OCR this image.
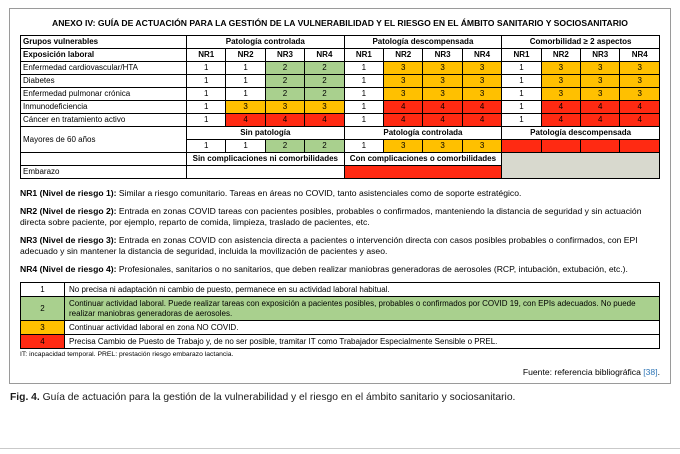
ANEXO IV: GUÍA DE ACTUACIÓN PARA LA GESTIÓN DE LA VULNERABILIDAD Y EL RIESGO EN EL ÁMBITO SANITARIO Y SOCIOSANITARIO
Grupos vulnerables	Patología controlada				Patología descompensada				Comorbilidad ≥ 2 aspectos			
Exposición laboral	NR1	NR2	NR3	NR4	NR1	NR2	NR3	NR4	NR1	NR2	NR3	NR4
Enfermedad cardiovascular/HTA	1	1	2	2	1	3	3	3	1	3	3	3
Diabetes	1	1	2	2	1	3	3	3	1	3	3	3
Enfermedad pulmonar crónica	1	1	2	2	1	3	3	3	1	3	3	3
Inmunodeficiencia	1	3	3	3	1	4	4	4	1	4	4	4
Cáncer en tratamiento activo	1	4	4	4	1	4	4	4	1	4	4	4
Mayores de 60 años	Sin patología				Patología controlada				Patología descompensada			
	1	1	2	2	1	3	3	3				
	Sin complicaciones ni comorbilidades				Con complicaciones o comorbilidades							
Embarazo												

NR1 (Nivel de riesgo 1): Similar a riesgo comunitario. Tareas en áreas no COVID, tanto asistenciales como de soporte estratégico.

NR2 (Nivel de riesgo 2): Entrada en zonas COVID tareas con pacientes posibles, probables o confirmados, manteniendo la distancia de seguridad y sin actuación directa sobre paciente, por ejemplo, reparto de comida, limpieza, traslado de pacientes, etc.

NR3 (Nivel de riesgo 3): Entrada en zonas COVID con asistencia directa a pacientes o intervención directa con casos posibles probables o confirmados, con EPI adecuado y sin mantener la distancia de seguridad, incluida la movilización de pacientes y aseo.

NR4 (Nivel de riesgo 4): Profesionales, sanitarios o no sanitarios, que deben realizar maniobras generadoras de aerosoles (RCP, intubación, extubación, etc.).

1	No precisa ni adaptación ni cambio de puesto, permanece en su actividad laboral habitual.
2	Continuar actividad laboral. Puede realizar tareas con exposición a pacientes posibles, probables o confirmados por COVID 19, con EPIs adecuados. No puede realizar maniobras generadoras de aerosoles.
3	Continuar actividad laboral en zona NO COVID.
4	Precisa Cambio de Puesto de Trabajo y, de no ser posible, tramitar IT como Trabajador Especialmente Sensible o PREL.
IT: incapacidad temporal. PREL: prestación riesgo embarazo lactancia.
Fuente: referencia bibliográfica [38].
Fig. 4. Guía de actuación para la gestión de la vulnerabilidad y el riesgo en el ámbito sanitario y sociosanitario.
